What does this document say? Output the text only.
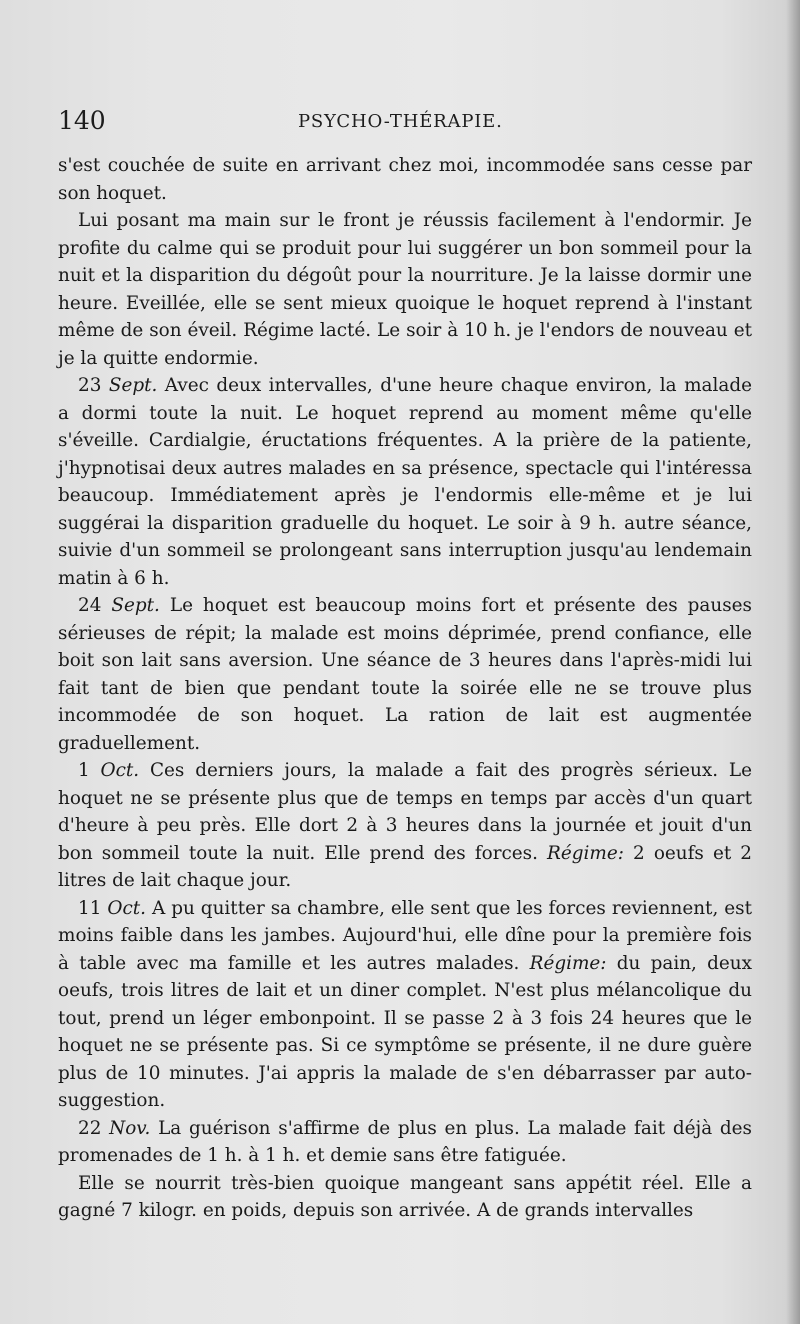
140	PSYCHO-THÉRAPIE.

s'est couchée de suite en arrivant chez moi, incommodée sans cesse par son hoquet.

Lui posant ma main sur le front je réussis facilement à l'endormir. Je profite du calme qui se produit pour lui suggérer un bon sommeil pour la nuit et la disparition du dégoût pour la nourriture. Je la laisse dormir une heure. Eveillée, elle se sent mieux quoique le hoquet reprend à l'instant même de son éveil. Régime lacté. Le soir à 10 h. je l'endors de nouveau et je la quitte endormie.

23 Sept. Avec deux intervalles, d'une heure chaque environ, la malade a dormi toute la nuit. Le hoquet reprend au moment même qu'elle s'éveille. Cardialgie, éructations fréquentes. A la prière de la patiente, j'hypnotisai deux autres malades en sa présence, spectacle qui l'intéressa beaucoup. Immédiatement après je l'endormis elle-même et je lui suggérai la disparition graduelle du hoquet. Le soir à 9 h. autre séance, suivie d'un sommeil se prolongeant sans interruption jusqu'au lendemain matin à 6 h.

24 Sept. Le hoquet est beaucoup moins fort et présente des pauses sérieuses de répit; la malade est moins déprimée, prend confiance, elle boit son lait sans aversion. Une séance de 3 heures dans l'après-midi lui fait tant de bien que pendant toute la soirée elle ne se trouve plus incommodée de son hoquet. La ration de lait est augmentée graduellement.

1 Oct. Ces derniers jours, la malade a fait des progrès sérieux. Le hoquet ne se présente plus que de temps en temps par accès d'un quart d'heure à peu près. Elle dort 2 à 3 heures dans la journée et jouit d'un bon sommeil toute la nuit. Elle prend des forces. Régime: 2 oeufs et 2 litres de lait chaque jour.

11 Oct. A pu quitter sa chambre, elle sent que les forces reviennent, est moins faible dans les jambes. Aujourd'hui, elle dîne pour la première fois à table avec ma famille et les autres malades. Régime: du pain, deux oeufs, trois litres de lait et un diner complet. N'est plus mélancolique du tout, prend un léger embonpoint. Il se passe 2 à 3 fois 24 heures que le hoquet ne se présente pas. Si ce symptôme se présente, il ne dure guère plus de 10 minutes. J'ai appris la malade de s'en débarrasser par auto-suggestion.

22 Nov. La guérison s'affirme de plus en plus. La malade fait déjà des promenades de 1 h. à 1 h. et demie sans être fatiguée.

Elle se nourrit très-bien quoique mangeant sans appétit réel. Elle a gagné 7 kilogr. en poids, depuis son arrivée. A de grands intervalles
